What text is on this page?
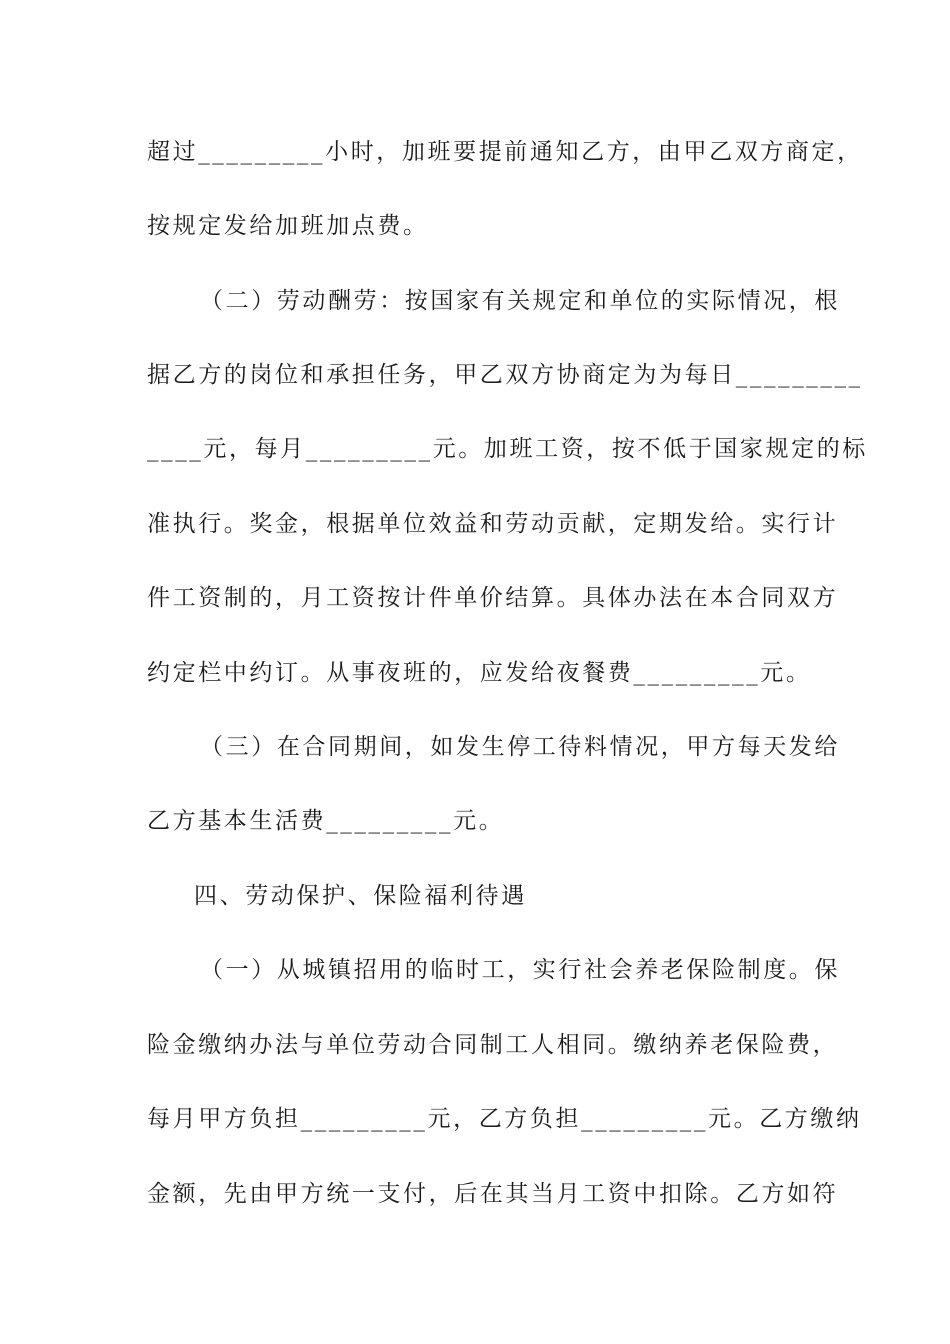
超过_________小时，加班要提前通知乙方，由甲乙双方商定，
按规定发给加班加点费。
（二）劳动酬劳：按国家有关规定和单位的实际情况，根
据乙方的岗位和承担任务，甲乙双方协商定为为每日_________
____元，每月_________元。加班工资，按不低于国家规定的标
准执行。奖金，根据单位效益和劳动贡献，定期发给。实行计
件工资制的，月工资按计件单价结算。具体办法在本合同双方
约定栏中约订。从事夜班的，应发给夜餐费_________元。
（三）在合同期间，如发生停工待料情况，甲方每天发给
乙方基本生活费_________元。
四、劳动保护、保险福利待遇
（一）从城镇招用的临时工，实行社会养老保险制度。保
险金缴纳办法与单位劳动合同制工人相同。缴纳养老保险费，
每月甲方负担_________元，乙方负担_________元。乙方缴纳
金额，先由甲方统一支付，后在其当月工资中扣除。乙方如符
